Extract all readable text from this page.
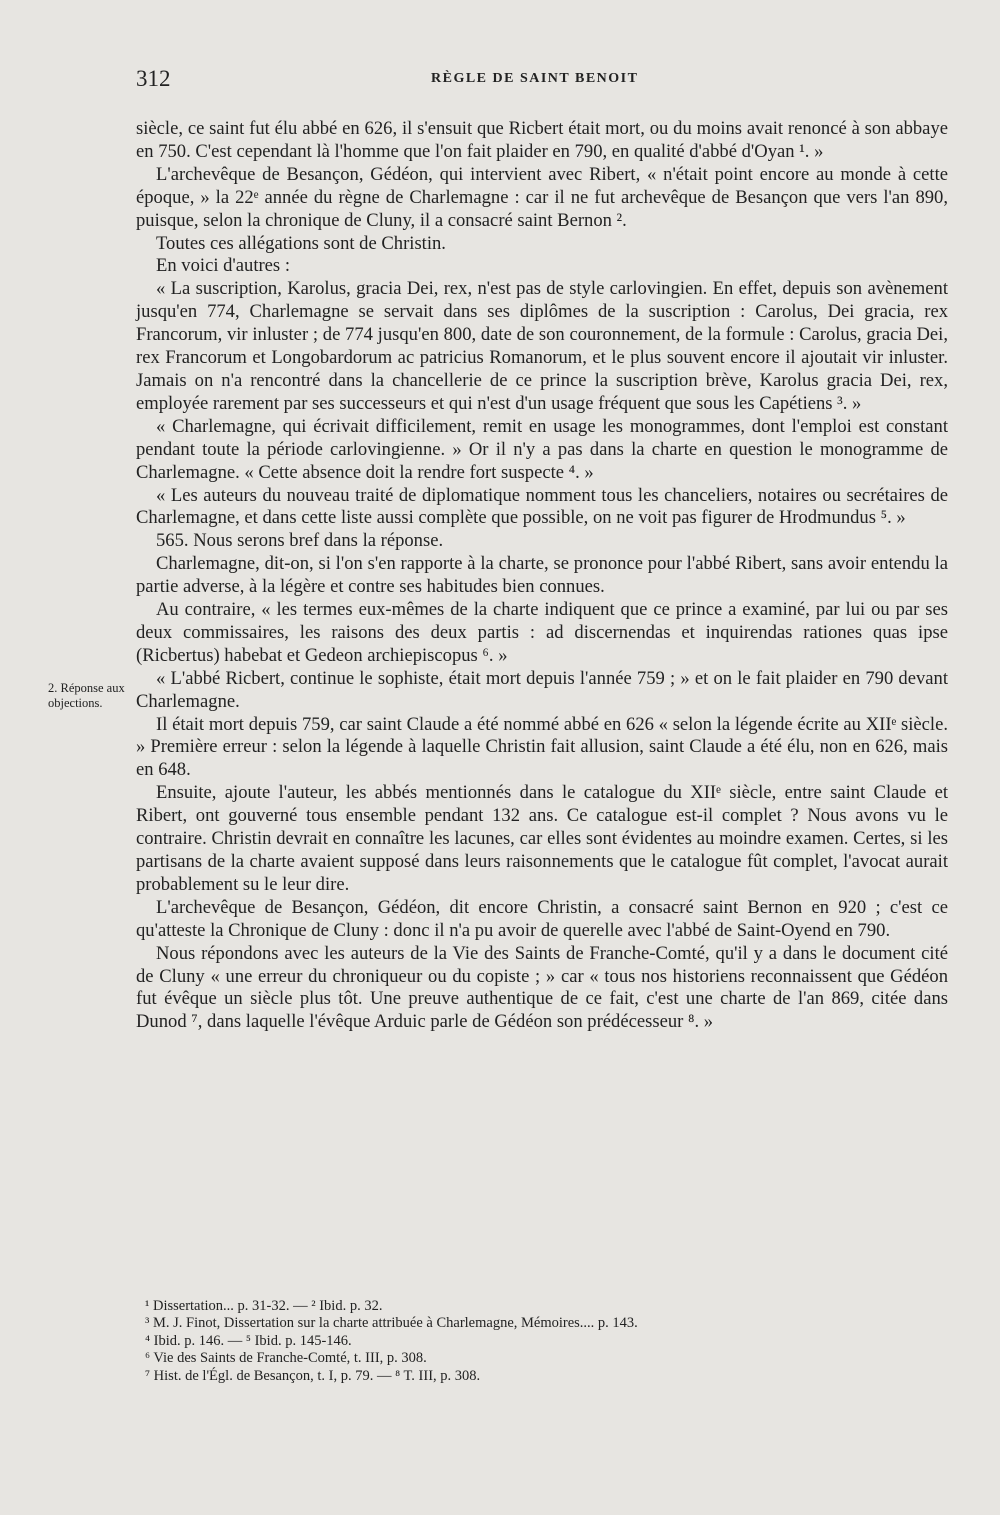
312	RÈGLE DE SAINT BENOIT
2. Réponse aux objections.

siècle, ce saint fut élu abbé en 626, il s'ensuit que Ricbert était mort, ou du moins avait renoncé à son abbaye en 750. C'est cependant là l'homme que l'on fait plaider en 790, en qualité d'abbé d'Oyan ¹. »

L'archevêque de Besançon, Gédéon, qui intervient avec Ribert, « n'était point encore au monde à cette époque, » la 22ᵉ année du règne de Charlemagne : car il ne fut archevêque de Besançon que vers l'an 890, puisque, selon la chronique de Cluny, il a consacré saint Bernon ².

Toutes ces allégations sont de Christin.

En voici d'autres :

« La suscription, Karolus, gracia Dei, rex, n'est pas de style carlovingien. En effet, depuis son avènement jusqu'en 774, Charlemagne se servait dans ses diplômes de la suscription : Carolus, Dei gracia, rex Francorum, vir inluster ; de 774 jusqu'en 800, date de son couronnement, de la formule : Carolus, gracia Dei, rex Francorum et Longobardorum ac patricius Romanorum, et le plus souvent encore il ajoutait vir inluster. Jamais on n'a rencontré dans la chancellerie de ce prince la suscription brève, Karolus gracia Dei, rex, employée rarement par ses successeurs et qui n'est d'un usage fréquent que sous les Capétiens ³. »

« Charlemagne, qui écrivait difficilement, remit en usage les monogrammes, dont l'emploi est constant pendant toute la période carlovingienne. » Or il n'y a pas dans la charte en question le monogramme de Charlemagne. « Cette absence doit la rendre fort suspecte ⁴. »

« Les auteurs du nouveau traité de diplomatique nomment tous les chanceliers, notaires ou secrétaires de Charlemagne, et dans cette liste aussi complète que possible, on ne voit pas figurer de Hrodmundus ⁵. »

565. Nous serons bref dans la réponse.

Charlemagne, dit-on, si l'on s'en rapporte à la charte, se prononce pour l'abbé Ribert, sans avoir entendu la partie adverse, à la légère et contre ses habitudes bien connues.

Au contraire, « les termes eux-mêmes de la charte indiquent que ce prince a examiné, par lui ou par ses deux commissaires, les raisons des deux partis : ad discernendas et inquirendas rationes quas ipse (Ricbertus) habebat et Gedeon archiepiscopus ⁶. »

« L'abbé Ricbert, continue le sophiste, était mort depuis l'année 759 ; » et on le fait plaider en 790 devant Charlemagne.

Il était mort depuis 759, car saint Claude a été nommé abbé en 626 « selon la légende écrite au XIIᵉ siècle. » Première erreur : selon la légende à laquelle Christin fait allusion, saint Claude a été élu, non en 626, mais en 648.

Ensuite, ajoute l'auteur, les abbés mentionnés dans le catalogue du XIIᵉ siècle, entre saint Claude et Ribert, ont gouverné tous ensemble pendant 132 ans. Ce catalogue est-il complet ? Nous avons vu le contraire. Christin devrait en connaître les lacunes, car elles sont évidentes au moindre examen. Certes, si les partisans de la charte avaient supposé dans leurs raisonnements que le catalogue fût complet, l'avocat aurait probablement su le leur dire.

L'archevêque de Besançon, Gédéon, dit encore Christin, a consacré saint Bernon en 920 ; c'est ce qu'atteste la Chronique de Cluny : donc il n'a pu avoir de querelle avec l'abbé de Saint-Oyend en 790.

Nous répondons avec les auteurs de la Vie des Saints de Franche-Comté, qu'il y a dans le document cité de Cluny « une erreur du chroniqueur ou du copiste ; » car « tous nos historiens reconnaissent que Gédéon fut évêque un siècle plus tôt. Une preuve authentique de ce fait, c'est une charte de l'an 869, citée dans Dunod ⁷, dans laquelle l'évêque Arduic parle de Gédéon son prédécesseur ⁸. »

¹ Dissertation... p. 31-32. — ² Ibid. p. 32.
³ M. J. Finot, Dissertation sur la charte attribuée à Charlemagne, Mémoires.... p. 143.
⁴ Ibid. p. 146. — ⁵ Ibid. p. 145-146.
⁶ Vie des Saints de Franche-Comté, t. III, p. 308.
⁷ Hist. de l'Égl. de Besançon, t. I, p. 79. — ⁸ T. III, p. 308.
